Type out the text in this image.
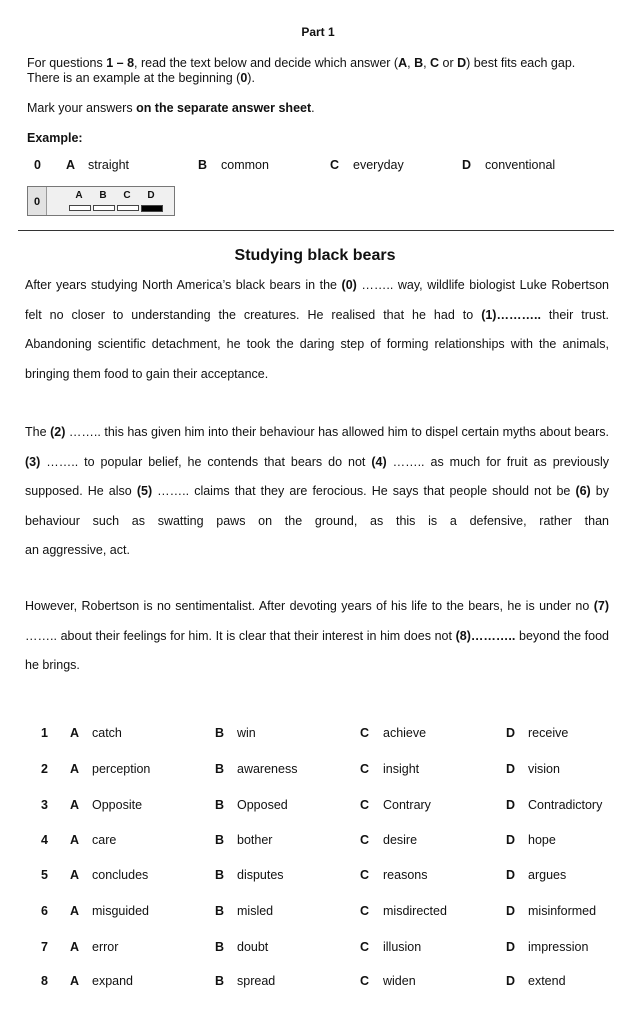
Part 1
For questions 1 – 8, read the text below and decide which answer (A, B, C or D) best fits each gap.
There is an example at the beginning (0).
Mark your answers on the separate answer sheet.
Example:
0 A straight	B common	C everyday	D conventional
0
A	B	C	D
Studying black bears

After years studying North America’s black bears in the (0) …….. way, wildlife biologist Luke Robertson felt no closer to understanding the creatures. He realised that he had to (1)……….. their trust. Abandoning scientific detachment, he took the daring step of forming relationships with the animals, bringing them food to gain their acceptance.

The (2) …….. this has given him into their behaviour has allowed him to dispel certain myths about bears. (3) …….. to popular belief, he contends that bears do not (4) …….. as much for fruit as previously supposed. He also (5) …….. claims that they are ferocious. He says that people should not be (6) by behaviour such as swatting paws on the ground, as this is a defensive, rather than

an aggressive, act.

However, Robertson is no sentimentalist. After devoting years of his life to the bears, he is under no (7) …….. about their feelings for him. It is clear that their interest in him does not (8)……….. beyond the food he brings.

1 A catch	B win	C achieve	D receive
2 A perception	B awareness	C insight	D vision
3 A Opposite	B Opposed	C Contrary	D Contradictory
4 A care	B bother	C desire	D hope
5 A concludes	B disputes	C reasons	D argues
6 A misguided	B misled	C misdirected	D misinformed
7 A error	B doubt	C illusion	D impression
8 A expand	B spread	C widen	D extend
